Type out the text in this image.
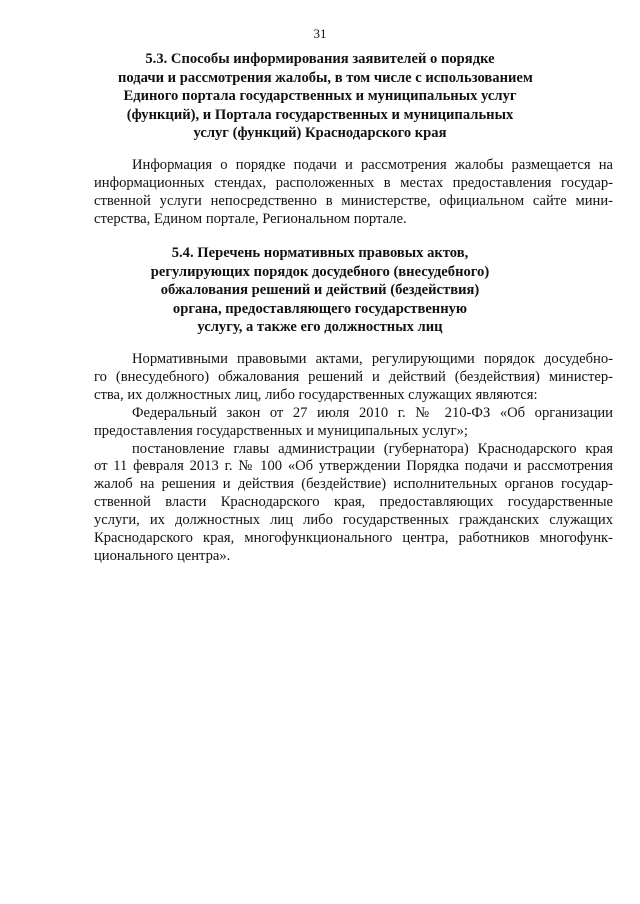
31
5.3. Способы информирования заявителей о порядке
подачи и рассмотрения жалобы, в том числе с использованием
Единого портала государственных и муниципальных услуг
(функций), и Портала государственных и муниципальных
услуг (функций) Краснодарского края
Информация о порядке подачи и рассмотрения жалобы размещается на
информационных стендах, расположенных в местах предоставления государ-
ственной услуги непосредственно в министерстве, официальном сайте мини-
стерства, Едином портале, Региональном портале.
5.4. Перечень нормативных правовых актов,
регулирующих порядок досудебного (внесудебного)
обжалования решений и действий (бездействия)
органа, предоставляющего государственную
услугу, а также его должностных лиц
Нормативными правовыми актами, регулирующими порядок досудебно-
го (внесудебного) обжалования решений и действий (бездействия) министер-
ства, их должностных лиц, либо государственных служащих являются:
Федеральный закон от 27 июля 2010 г. № 210-ФЗ «Об организации
предоставления государственных и муниципальных услуг»;
постановление главы администрации (губернатора) Краснодарского края
от 11 февраля 2013 г. № 100 «Об утверждении Порядка подачи и рассмотрения
жалоб на решения и действия (бездействие) исполнительных органов государ-
ственной власти Краснодарского края, предоставляющих государственные
услуги, их должностных лиц либо государственных гражданских служащих
Краснодарского края, многофункционального центра, работников многофунк-
ционального центра».
